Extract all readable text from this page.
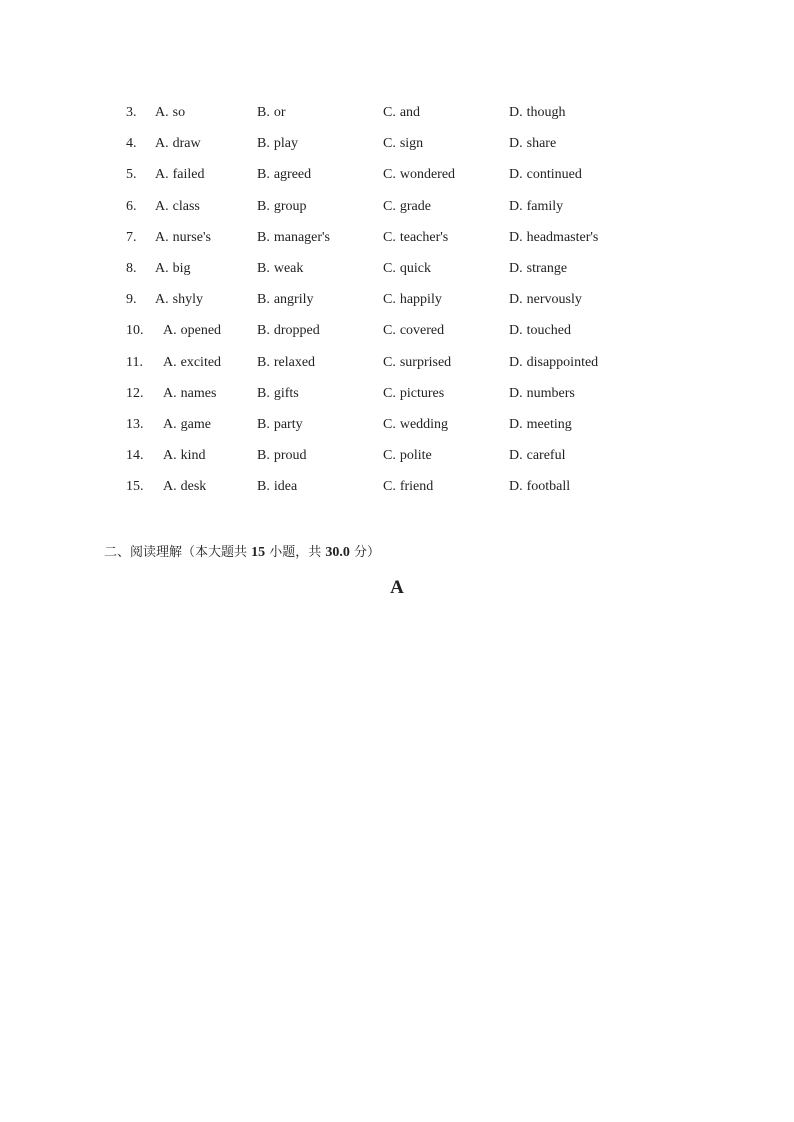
3. A. so	B. or	C. and	D. though
4. A. draw	B. play	C. sign	D. share
5. A. failed	B. agreed	C. wondered	D. continued
6. A. class	B. group	C. grade	D. family
7. A. nurse's	B. manager's	C. teacher's	D. headmaster's
8. A. big	B. weak	C. quick	D. strange
9. A. shyly	B. angrily	C. happily	D. nervously
10. A. opened	B. dropped	C. covered	D. touched
11. A. excited	B. relaxed	C. surprised	D. disappointed
12. A. names	B. gifts	C. pictures	D. numbers
13. A. game	B. party	C. wedding	D. meeting
14. A. kind	B. proud	C. polite	D. careful
15. A. desk	B. idea	C. friend	D. football
二、阅读理解（本大题共 15 小题，共 30.0 分）
A
